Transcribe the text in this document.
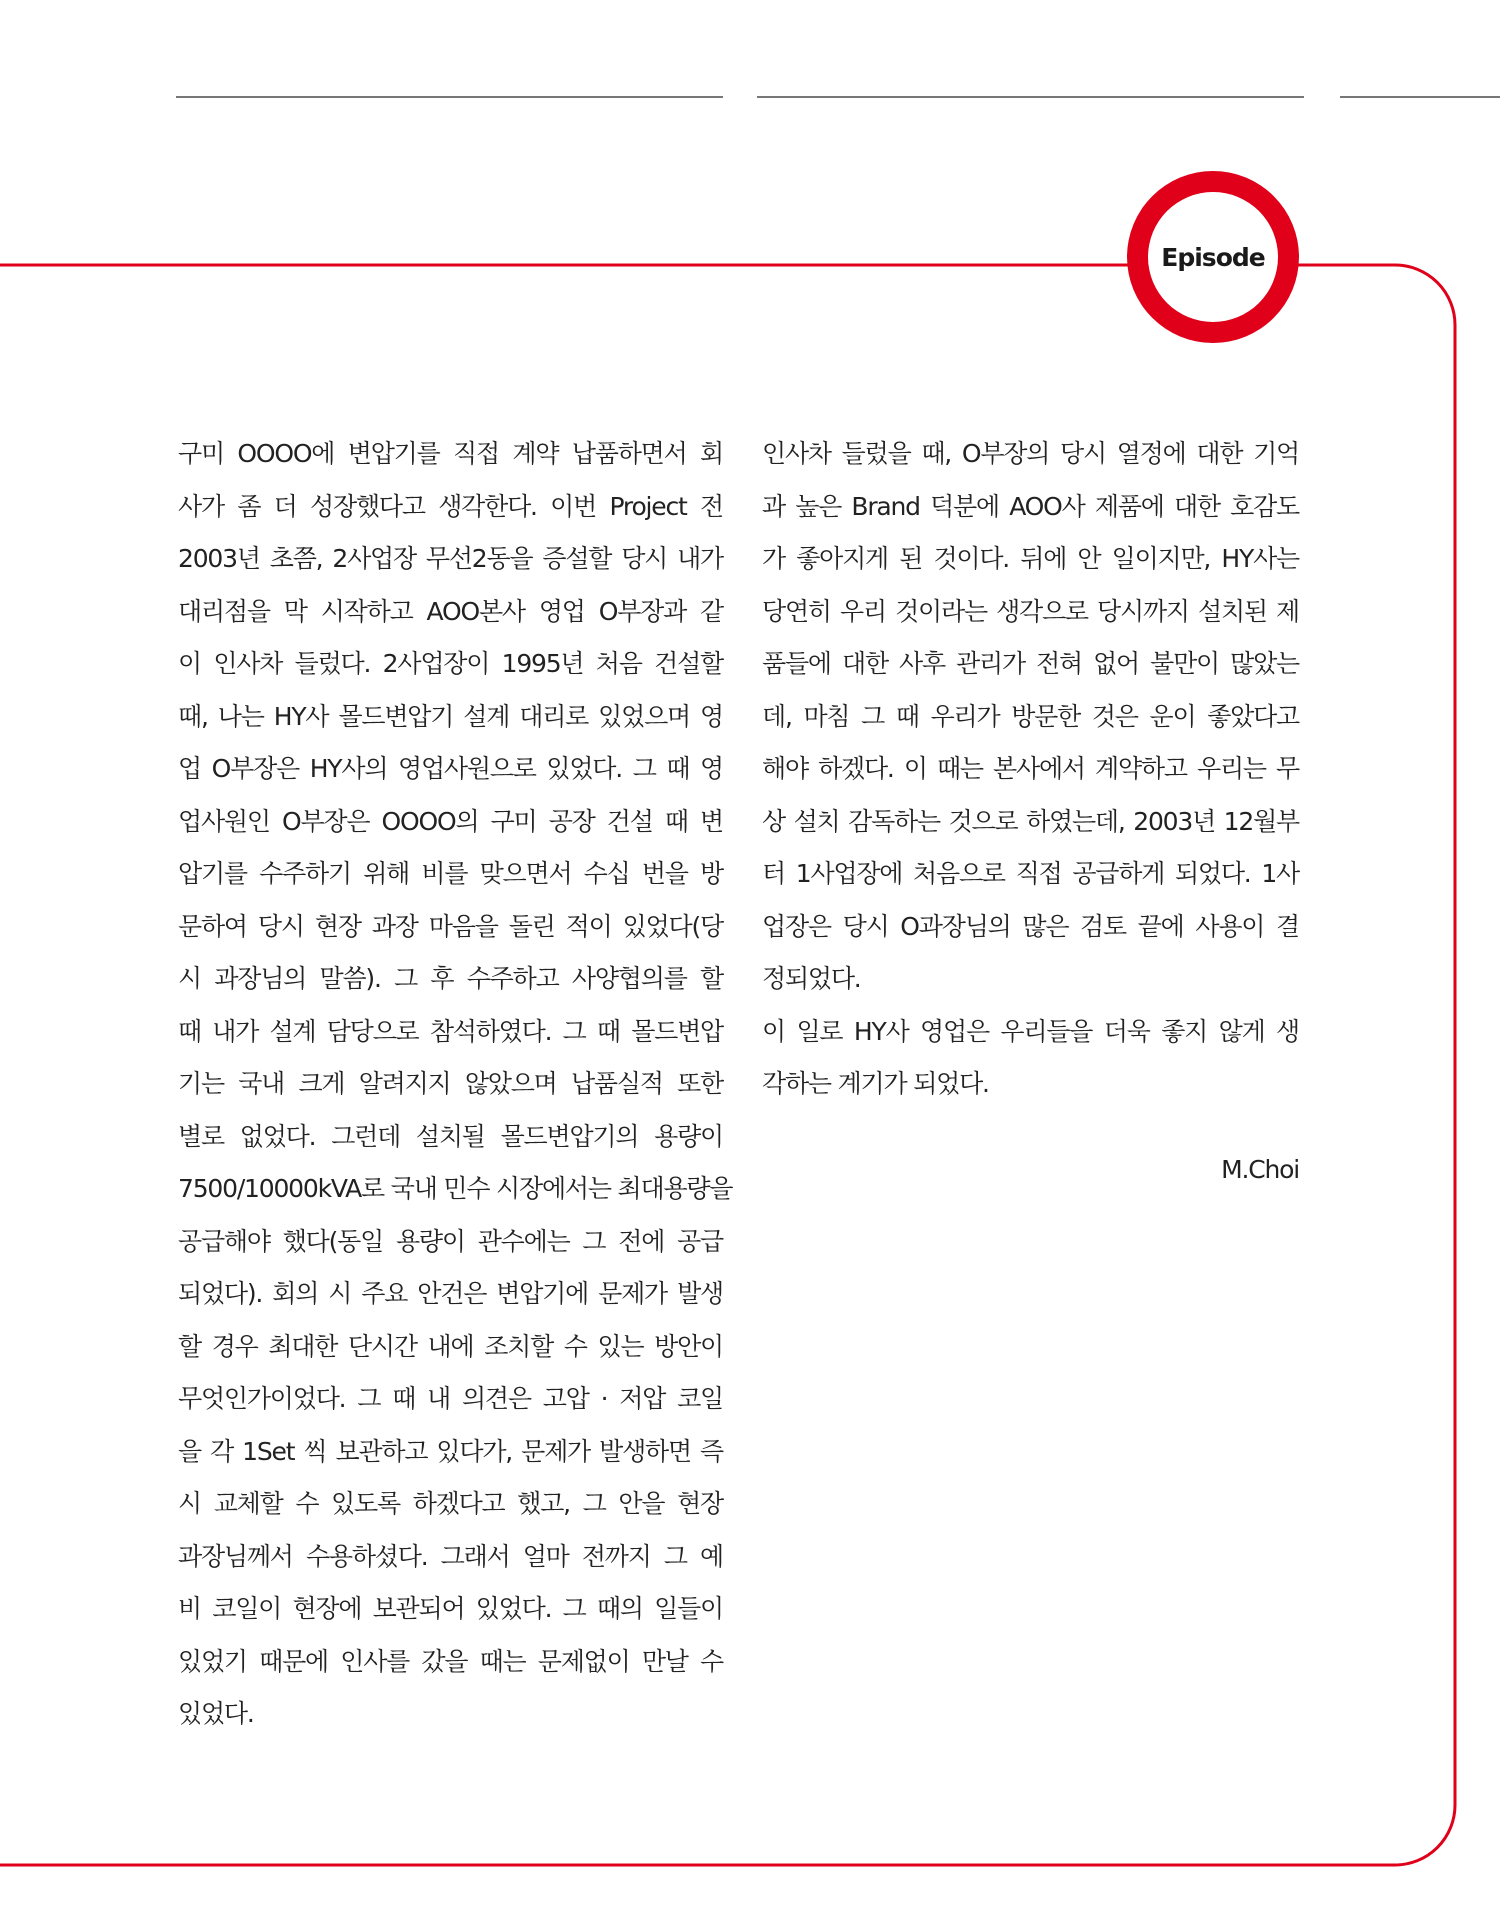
Episode
구미 OOOO에 변압기를 직접 계약 납품하면서 회
사가 좀 더 성장했다고 생각한다. 이번 Project 전
2003년 초쯤, 2사업장 무선2동을 증설할 당시 내가
대리점을 막 시작하고 AOO본사 영업 O부장과 같
이 인사차 들렀다. 2사업장이 1995년 처음 건설할
때, 나는 HY사 몰드변압기 설계 대리로 있었으며 영
업 O부장은 HY사의 영업사원으로 있었다. 그 때 영
업사원인 O부장은 OOOO의 구미 공장 건설 때 변
압기를 수주하기 위해 비를 맞으면서 수십 번을 방
문하여 당시 현장 과장 마음을 돌린 적이 있었다(당
시 과장님의 말씀). 그 후 수주하고 사양협의를 할
때 내가 설계 담당으로 참석하였다. 그 때 몰드변압
기는 국내 크게 알려지지 않았으며 납품실적 또한
별로 없었다. 그런데 설치될 몰드변압기의 용량이
7500/10000kVA로 국내 민수 시장에서는 최대용량을
공급해야 했다(동일 용량이 관수에는 그 전에 공급
되었다). 회의 시 주요 안건은 변압기에 문제가 발생
할 경우 최대한 단시간 내에 조치할 수 있는 방안이
무엇인가이었다. 그 때 내 의견은 고압 · 저압 코일
을 각 1Set 씩 보관하고 있다가, 문제가 발생하면 즉
시 교체할 수 있도록 하겠다고 했고, 그 안을 현장
과장님께서 수용하셨다. 그래서 얼마 전까지 그 예
비 코일이 현장에 보관되어 있었다. 그 때의 일들이
있었기 때문에 인사를 갔을 때는 문제없이 만날 수
있었다.
인사차 들렀을 때, O부장의 당시 열정에 대한 기억
과 높은 Brand 덕분에 AOO사 제품에 대한 호감도
가 좋아지게 된 것이다. 뒤에 안 일이지만, HY사는
당연히 우리 것이라는 생각으로 당시까지 설치된 제
품들에 대한 사후 관리가 전혀 없어 불만이 많았는
데, 마침 그 때 우리가 방문한 것은 운이 좋았다고
해야 하겠다. 이 때는 본사에서 계약하고 우리는 무
상 설치 감독하는 것으로 하였는데, 2003년 12월부
터 1사업장에 처음으로 직접 공급하게 되었다. 1사
업장은 당시 O과장님의 많은 검토 끝에 사용이 결
정되었다.
이 일로 HY사 영업은 우리들을 더욱 좋지 않게 생
각하는 계기가 되었다.
M.Choi
